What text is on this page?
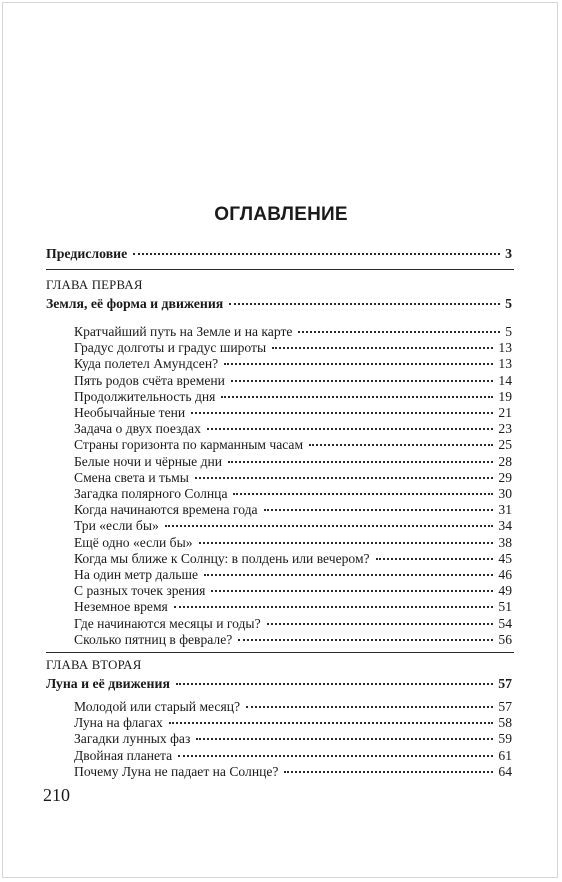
ОГЛАВЛЕНИЕ
Предисловие	3
ГЛАВА ПЕРВАЯ
Земля, её форма и движения	5
Кратчайший путь на Земле и на карте	5
Градус долготы и градус широты	13
Куда полетел Амундсен?	13
Пять родов счёта времени	14
Продолжительность дня	19
Необычайные тени	21
Задача о двух поездах	23
Страны горизонта по карманным часам	25
Белые ночи и чёрные дни	28
Смена света и тьмы	29
Загадка полярного Солнца	30
Когда начинаются времена года	31
Три «если бы»	34
Ещё одно «если бы»	38
Когда мы ближе к Солнцу: в полдень или вечером?	45
На один метр дальше	46
С разных точек зрения	49
Неземное время	51
Где начинаются месяцы и годы?	54
Сколько пятниц в феврале?	56
ГЛАВА ВТОРАЯ
Луна и её движения	57
Молодой или старый месяц?	57
Луна на флагах	58
Загадки лунных фаз	59
Двойная планета	61
Почему Луна не падает на Солнце?	64
210
